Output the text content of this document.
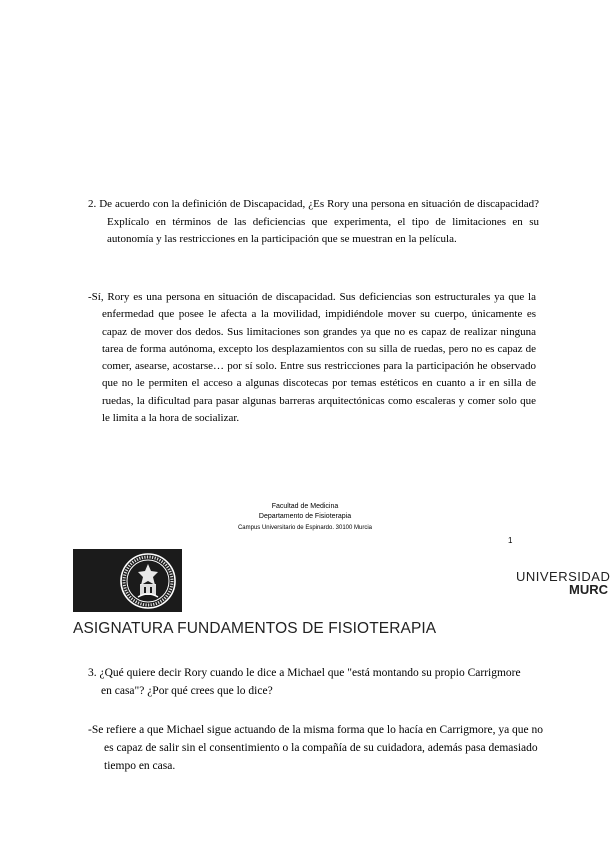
2. De acuerdo con la definición de Discapacidad, ¿Es Rory una persona en situación de discapacidad? Explícalo en términos de las deficiencias que experimenta, el tipo de limitaciones en su autonomía y las restricciones en la participación que se muestran en la película.
-Sí, Rory es una persona en situación de discapacidad. Sus deficiencias son estructurales ya que la enfermedad que posee le afecta a la movilidad, impidiéndole mover su cuerpo, únicamente es capaz de mover dos dedos. Sus limitaciones son grandes ya que no es capaz de realizar ninguna tarea de forma autónoma, excepto los desplazamientos con su silla de ruedas, pero no es capaz de comer, asearse, acostarse… por sí solo. Entre sus restricciones para la participación he observado que no le permiten el acceso a algunas discotecas por temas estéticos en cuanto a ir en silla de ruedas, la dificultad para pasar algunas barreras arquitectónicas como escaleras y comer solo que le limita a la hora de socializar.
Facultad de Medicina
Departamento de Fisioterapia
Campus Universitario de Espinardo. 30100 Murcia
1
UNIVERSIDAD
MURC
ASIGNATURA FUNDAMENTOS DE FISIOTERAPIA
3. ¿Qué quiere decir Rory cuando le dice a Michael que "está montando su propio Carrigmore en casa"? ¿Por qué crees que lo dice?
-Se refiere a que Michael sigue actuando de la misma forma que lo hacía en Carrigmore, ya que no es capaz de salir sin el consentimiento o la compañía de su cuidadora, además pasa demasiado tiempo en casa.
